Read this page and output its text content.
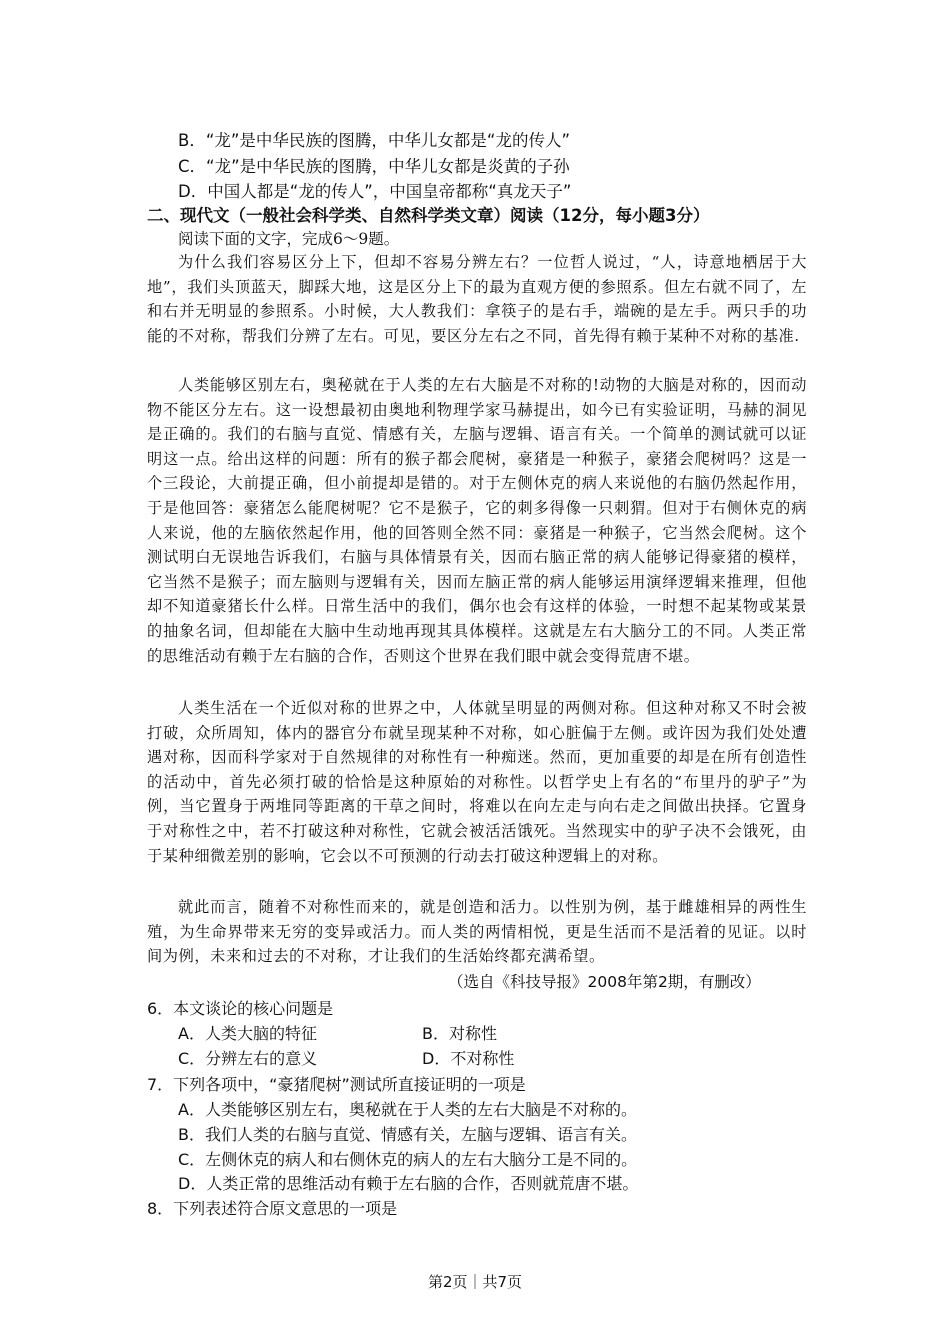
B．“龙”是中华民族的图腾，中华儿女都是“龙的传人”
C．“龙”是中华民族的图腾，中华儿女都是炎黄的子孙
D．中国人都是“龙的传人”，中国皇帝都称“真龙天子”
二、现代文（一般社会科学类、自然科学类文章）阅读（12分，每小题3分）
阅读下面的文字，完成6～9题。
为什么我们容易区分上下，但却不容易分辨左右？一位哲人说过，“人，诗意地栖居于大地”，我们头顶蓝天，脚踩大地，这是区分上下的最为直观方便的参照系。但左右就不同了，左和右并无明显的参照系。小时候，大人教我们：拿筷子的是右手，端碗的是左手。两只手的功能的不对称，帮我们分辨了左右。可见，要区分左右之不同，首先得有赖于某种不对称的基准.
人类能够区别左右，奥秘就在于人类的左右大脑是不对称的!动物的大脑是对称的，因而动物不能区分左右。这一设想最初由奥地利物理学家马赫提出，如今已有实验证明，马赫的洞见是正确的。我们的右脑与直觉、情感有关，左脑与逻辑、语言有关。一个简单的测试就可以证明这一点。给出这样的问题：所有的猴子都会爬树，豪猪是一种猴子，豪猪会爬树吗？这是一个三段论，大前提正确，但小前提却是错的。对于左侧休克的病人来说他的右脑仍然起作用，于是他回答：豪猪怎么能爬树呢？它不是猴子，它的刺多得像一只刺猬。但对于右侧休克的病人来说，他的左脑依然起作用，他的回答则全然不同：豪猪是一种猴子，它当然会爬树。这个测试明白无误地告诉我们，右脑与具体情景有关，因而右脑正常的病人能够记得豪猪的模样，它当然不是猴子；而左脑则与逻辑有关，因而左脑正常的病人能够运用演绎逻辑来推理，但他却不知道豪猪长什么样。日常生活中的我们，偶尔也会有这样的体验，一时想不起某物或某景的抽象名词，但却能在大脑中生动地再现其具体模样。这就是左右大脑分工的不同。人类正常的思维活动有赖于左右脑的合作，否则这个世界在我们眼中就会变得荒唐不堪。
人类生活在一个近似对称的世界之中，人体就呈明显的两侧对称。但这种对称又不时会被打破，众所周知，体内的器官分布就呈现某种不对称，如心脏偏于左侧。或许因为我们处处遭遇对称，因而科学家对于自然规律的对称性有一种痴迷。然而，更加重要的却是在所有创造性的活动中，首先必须打破的恰恰是这种原始的对称性。以哲学史上有名的“布里丹的驴子”为例，当它置身于两堆同等距离的干草之间时，将难以在向左走与向右走之间做出抉择。它置身于对称性之中，若不打破这种对称性，它就会被活活饿死。当然现实中的驴子决不会饿死，由于某种细微差别的影响，它会以不可预测的行动去打破这种逻辑上的对称。
就此而言，随着不对称性而来的，就是创造和活力。以性别为例，基于雌雄相异的两性生殖，为生命界带来无穷的变异或活力。而人类的两情相悦，更是生活而不是活着的见证。以时间为例，未来和过去的不对称，才让我们的生活始终都充满希望。
（选自《科技导报》2008年第2期，有删改）
6．本文谈论的核心问题是
A．人类大脑的特征	B．对称性
C．分辨左右的意义	D．不对称性
7．下列各项中，“豪猪爬树”测试所直接证明的一项是
A．人类能够区别左右，奥秘就在于人类的左右大脑是不对称的。
B．我们人类的右脑与直觉、情感有关，左脑与逻辑、语言有关。
C．左侧休克的病人和右侧休克的病人的左右大脑分工是不同的。
D．人类正常的思维活动有赖于左右脑的合作，否则就荒唐不堪。
8．下列表述符合原文意思的一项是
第2页｜共7页
